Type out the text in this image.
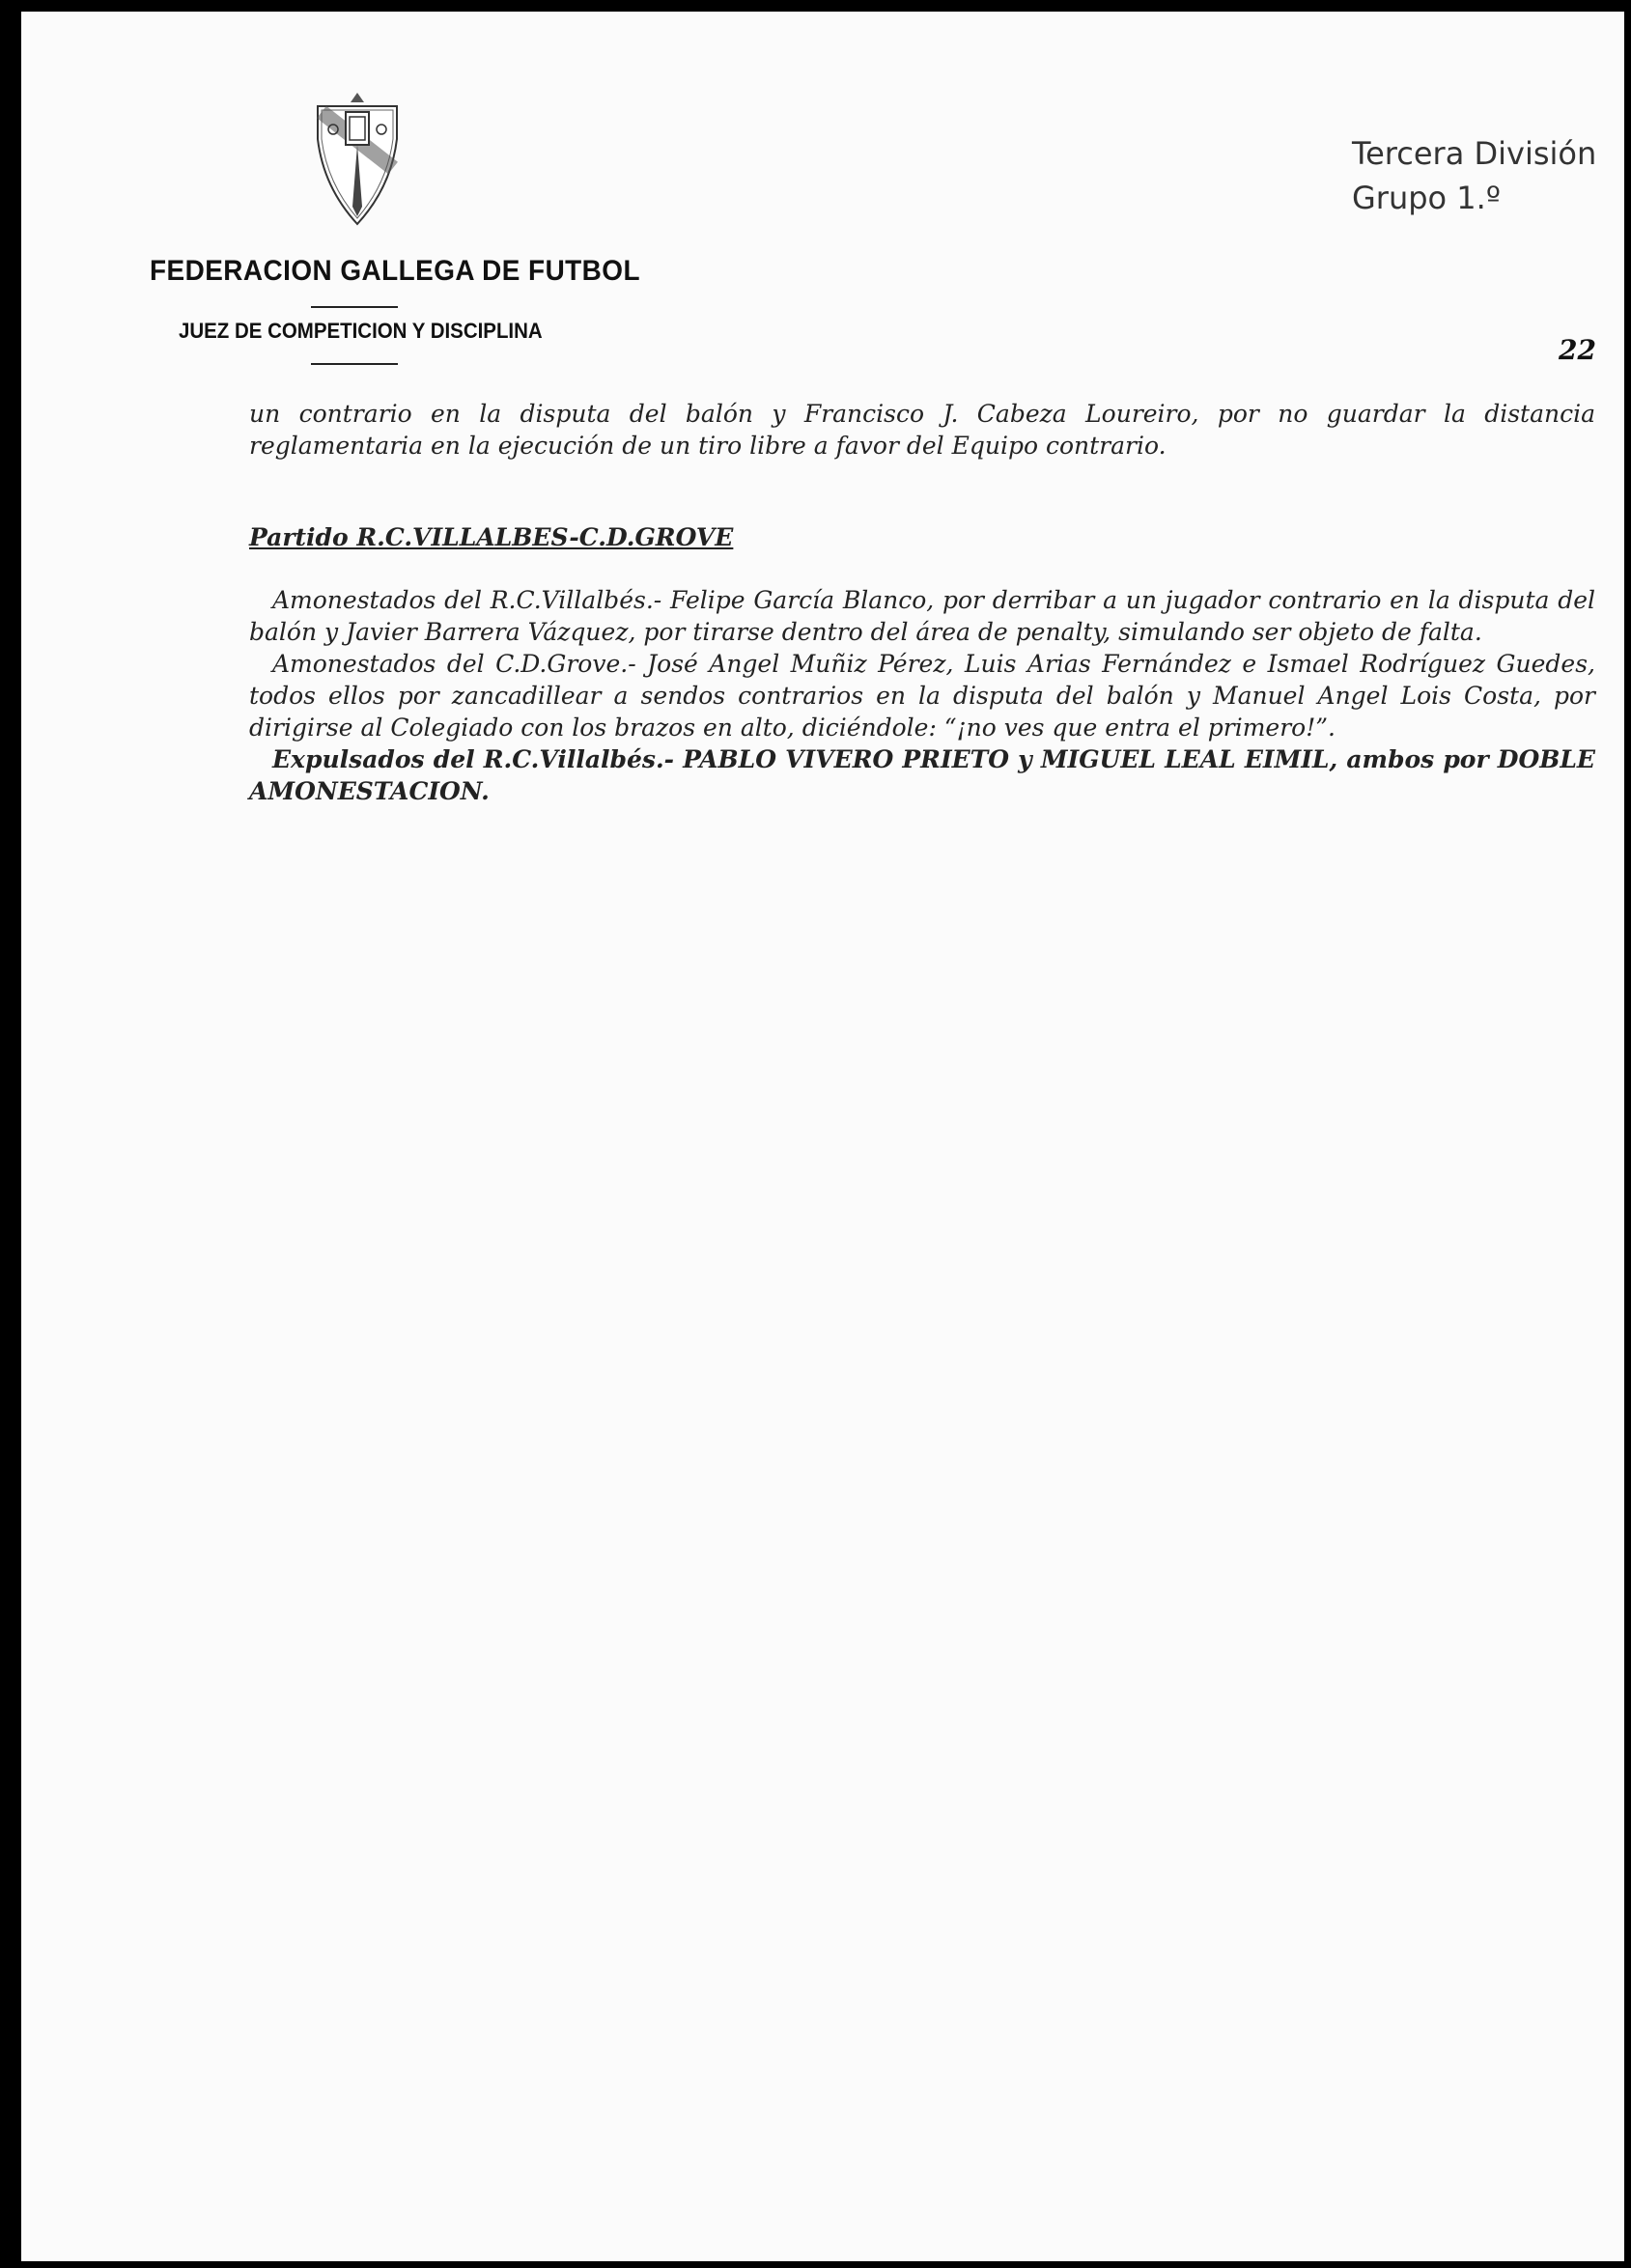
FEDERACION GALLEGA DE FUTBOL
JUEZ DE COMPETICION Y DISCIPLINA
Tercera División
Grupo 1.º
22

un contrario en la disputa del balón y Francisco J. Cabeza Loureiro, por no guardar la distancia reglamentaria en la ejecución de un tiro libre a favor del Equipo contrario.

Partido R.C.VILLALBES-C.D.GROVE

Amonestados del R.C.Villalbés.- Felipe García Blanco, por derribar a un jugador contrario en la disputa del balón y Javier Barrera Vázquez, por tirarse dentro del área de penalty, simulando ser objeto de falta.

Amonestados del C.D.Grove.- José Angel Muñiz Pérez, Luis Arias Fernández e Ismael Rodríguez Guedes, todos ellos por zancadillear a sendos contrarios en la disputa del balón y Manuel Angel Lois Costa, por dirigirse al Colegiado con los brazos en alto, diciéndole: “¡no ves que entra el primero!”.

Expulsados del R.C.Villalbés.- PABLO VIVERO PRIETO y MIGUEL LEAL EIMIL, ambos por DOBLE AMONESTACION.
